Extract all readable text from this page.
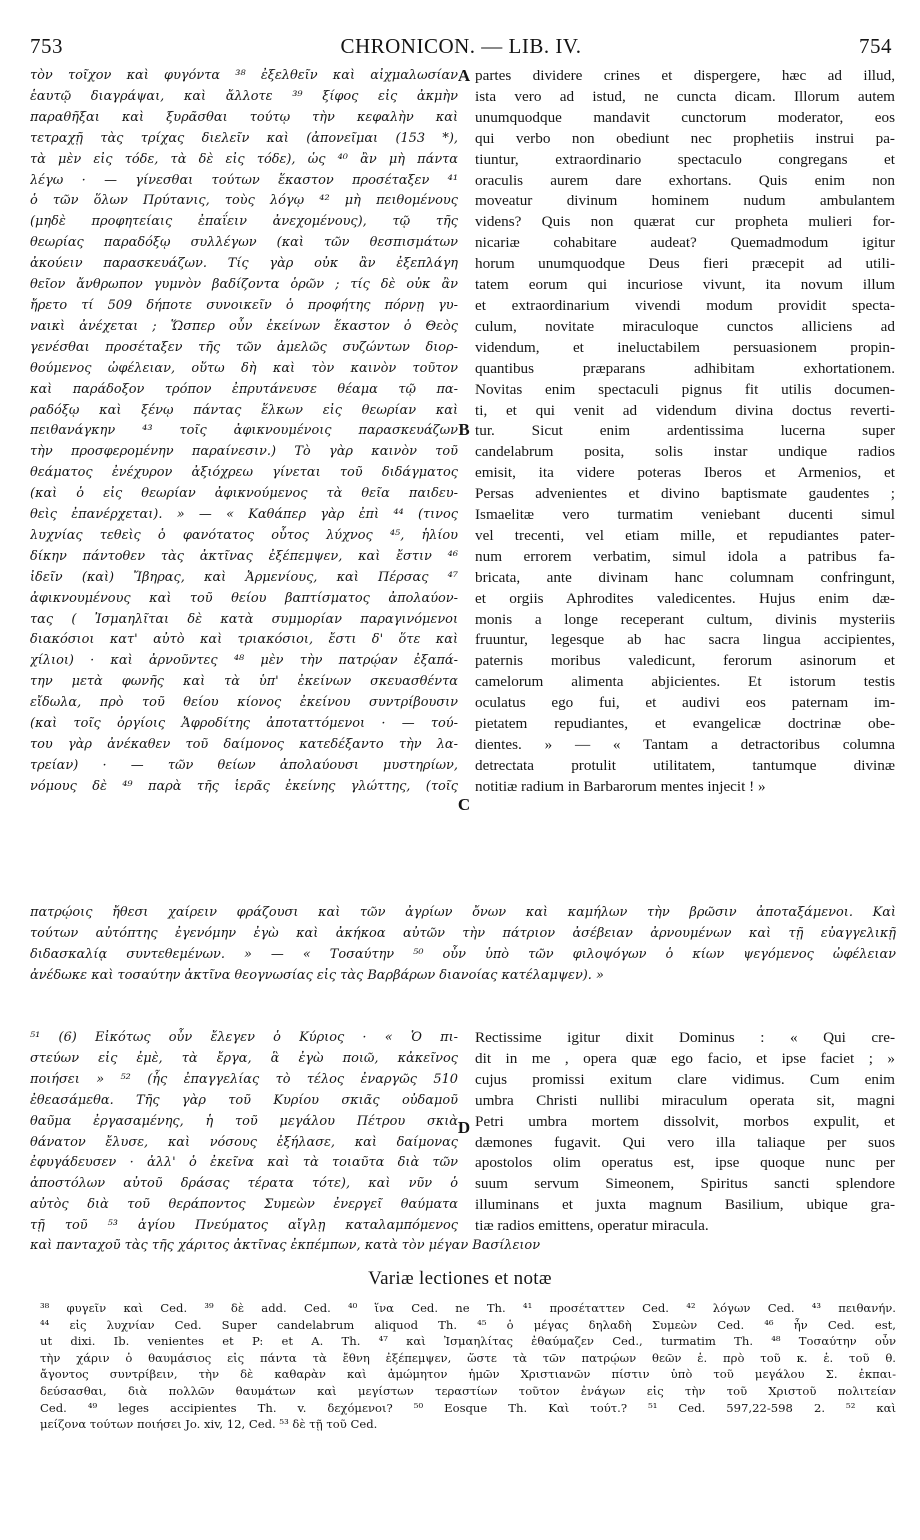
753	CHRONICON. — LIB. IV.	754
τὸν τοῖχον καὶ φυγόντα ³⁸ ἐξελθεῖν καὶ αἰχμαλωσίαν
ἑαυτῷ διαγράψαι, καὶ ἄλλοτε ³⁹ ξίφος εἰς ἀκμὴν
παραθῆξαι καὶ ξυρᾶσθαι τούτῳ τὴν κεφαλὴν καὶ
τετραχῇ τὰς τρίχας διελεῖν καὶ (ἀπονεῖμαι (153 *),
τὰ μὲν εἰς τόδε, τὰ δὲ εἰς τόδε), ὡς ⁴⁰ ἂν μὴ πάντα
λέγω · — γίνεσθαι τούτων ἕκαστον προσέταξεν ⁴¹
ὁ τῶν ὅλων Πρύτανις, τοὺς λόγῳ ⁴² μὴ πειθομένους
(μηδὲ προφητείαις ἐπαΐειν ἀνεχομένους), τῷ τῆς
θεωρίας παραδόξῳ συλλέγων (καὶ τῶν θεσπισμάτων
ἀκούειν παρασκευάζων. Τίς γὰρ οὐκ ἂν ἐξεπλάγη
θεῖον ἄνθρωπον γυμνὸν βαδίζοντα ὁρῶν ; τίς δὲ οὐκ ἂν
ἤρετο τί 509 δήποτε συνοικεῖν ὁ προφήτης πόρνῃ γυ-
ναικὶ ἀνέχεται ; Ὥσπερ οὖν ἐκείνων ἕκαστον ὁ Θεὸς
γενέσθαι προσέταξεν τῆς τῶν ἀμελῶς συζώντων διορ-
θούμενος ὠφέλειαν, οὕτω δὴ καὶ τὸν καινὸν τοῦτον
καὶ παράδοξον τρόπον ἐπρυτάνευσε θέαμα τῷ πα-
ραδόξῳ καὶ ξένῳ πάντας ἕλκων εἰς θεωρίαν καὶ
πειθανάγκην ⁴³ τοῖς ἀφικνουμένοις παρασκευάζων
τὴν προσφερομένην παραίνεσιν.) Τὸ γὰρ καινὸν τοῦ
θεάματος ἐνέχυρον ἀξιόχρεω γίνεται τοῦ διδάγματος
(καὶ ὁ εἰς θεωρίαν ἀφικνούμενος τὰ θεῖα παιδευ-
θεὶς ἐπανέρχεται). » — « Καθάπερ γὰρ ἐπὶ ⁴⁴ (τινος
λυχνίας τεθεὶς ὁ φανότατος οὗτος λύχνος ⁴⁵, ἡλίου
δίκην πάντοθεν τὰς ἀκτῖνας ἐξέπεμψεν, καὶ ἔστιν ⁴⁶
ἰδεῖν (καὶ) Ἴβηρας, καὶ Ἀρμενίους, καὶ Πέρσας ⁴⁷
ἀφικνουμένους καὶ τοῦ θείου βαπτίσματος ἀπολαύον-
τας ( Ἰσμαηλῖται δὲ κατὰ συμμορίαν παραγινόμενοι
διακόσιοι κατ' αὐτὸ καὶ τριακόσιοι, ἔστι δ' ὅτε καὶ
χίλιοι) · καὶ ἀρνοῦντες ⁴⁸ μὲν τὴν πατρῴαν ἐξαπά-
την μετὰ φωνῆς καὶ τὰ ὑπ' ἐκείνων σκευασθέντα
εἴδωλα, πρὸ τοῦ θείου κίονος ἐκείνου συντρίβουσιν
(καὶ τοῖς ὀργίοις Ἀφροδίτης ἀποταττόμενοι · — τού-
του γὰρ ἀνέκαθεν τοῦ δαίμονος κατεδέξαντο τὴν λα-
τρείαν) · — τῶν θείων ἀπολαύουσι μυστηρίων,
νόμους δὲ ⁴⁹ παρὰ τῆς ἱερᾶς ἐκείνης γλώττης, (τοῖς
partes dividere crines et dispergere, hæc ad illud,
ista vero ad istud, ne cuncta dicam. Illorum autem
unumquodque mandavit cunctorum moderator, eos
qui verbo non obediunt nec prophetiis instrui pa-
tiuntur, extraordinario spectaculo congregans et
oraculis aurem dare exhortans. Quis enim non
moveatur divinum hominem nudum ambulantem
videns? Quis non quærat cur propheta mulieri for-
nicariæ cohabitare audeat? Quemadmodum igitur
horum unumquodque Deus fieri præcepit ad utili-
tatem eorum qui incuriose vivunt, ita novum illum
et extraordinarium vivendi modum providit specta-
culum, novitate miraculoque cunctos alliciens ad
videndum, et ineluctabilem persuasionem propin-
quantibus præparans adhibitam exhortationem.
Novitas enim spectaculi pignus fit utilis documen-
ti, et qui venit ad videndum divina doctus reverti-
tur. Sicut enim ardentissima lucerna super
candelabrum posita, solis instar undique radios
emisit, ita videre poteras Iberos et Armenios, et
Persas advenientes et divino baptismate gaudentes ;
Ismaelitæ vero turmatim veniebant ducenti simul
vel trecenti, vel etiam mille, et repudiantes pater-
num errorem verbatim, simul idola a patribus fa-
bricata, ante divinam hanc columnam confringunt,
et orgiis Aphrodites valedicentes. Hujus enim dæ-
monis a longe receperant cultum, divinis mysteriis
fruuntur, legesque ab hac sacra lingua accipientes,
paternis moribus valedicunt, ferorum asinorum et
camelorum alimenta abjicientes. Et istorum testis
oculatus ego fui, et audivi eos paternam im-
pietatem repudiantes, et evangelicæ doctrinæ obe-
dientes. » — « Tantam a detractoribus columna
detrectata protulit utilitatem, tantumque divinæ
notitiæ radium in Barbarorum mentes injecit ! »
A
B
C
D
πατρῴοις ἤθεσι χαίρειν φράζουσι καὶ τῶν ἀγρίων ὄνων καὶ καμήλων τὴν βρῶσιν ἀποταξάμενοι. Καὶ
τούτων αὐτόπτης ἐγενόμην ἐγὼ καὶ ἀκήκοα αὐτῶν τὴν πάτριον ἀσέβειαν ἀρνουμένων καὶ τῇ εὐαγγελικῇ
διδασκαλίᾳ συντεθεμένων. » — « Τοσαύτην ⁵⁰ οὖν ὑπὸ τῶν φιλοψόγων ὁ κίων ψεγόμενος ὠφέλειαν
ἀνέδωκε καὶ τοσαύτην ἀκτῖνα θεογνωσίας εἰς τὰς Βαρβάρων διανοίας κατέλαμψεν). »
⁵¹ (6) Εἰκότως οὖν ἔλεγεν ὁ Κύριος · « Ὁ πι-
στεύων εἰς ἐμὲ, τὰ ἔργα, ἃ ἐγὼ ποιῶ, κἀκεῖνος
ποιήσει » ⁵² (ἧς ἐπαγγελίας τὸ τέλος ἐναργῶς 510
ἐθεασάμεθα. Τῆς γὰρ τοῦ Κυρίου σκιᾶς οὐδαμοῦ
θαῦμα ἐργασαμένης, ἡ τοῦ μεγάλου Πέτρου σκιὰ
θάνατον ἔλυσε, καὶ νόσους ἐξήλασε, καὶ δαίμονας
ἐφυγάδευσεν · ἀλλ' ὁ ἐκεῖνα καὶ τὰ τοιαῦτα διὰ τῶν
ἀποστόλων αὐτοῦ δράσας τέρατα τότε), καὶ νῦν ὁ
αὐτὸς διὰ τοῦ θεράποντος Συμεὼν ἐνεργεῖ θαύματα
τῇ τοῦ ⁵³ ἁγίου Πνεύματος αἴγλῃ καταλαμπόμενος
Rectissime igitur dixit Dominus : « Qui cre-
dit in me , opera quæ ego facio, et ipse faciet ; »
cujus promissi exitum clare vidimus. Cum enim
umbra Christi nullibi miraculum operata sit, magni
Petri umbra mortem dissolvit, morbos expulit, et
dæmones fugavit. Qui vero illa taliaque per suos
apostolos olim operatus est, ipse quoque nunc per
suum servum Simeonem, Spiritus sancti splendore
illuminans et juxta magnum Basilium, ubique gra-
tiæ radios emittens, operatur miracula.
καὶ πανταχοῦ τὰς τῆς χάριτος ἀκτῖνας ἐκπέμπων, κατὰ τὸν μέγαν Βασίλειον
Variæ lectiones et notæ
³⁸ φυγεῖν καὶ Ced. ³⁹ δὲ add. Ced. ⁴⁰ ἵνα Ced. ne Th. ⁴¹ προσέταττεν Ced. ⁴² λόγων Ced. ⁴³ πειθανήν.
⁴⁴ εἰς λυχνίαν Ced. Super candelabrum aliquod Th. ⁴⁵ ὁ μέγας δηλαδὴ Συμεὼν Ced. ⁴⁶ ἦν Ced. est,
ut dixi. Ib. venientes et P: et A. Th. ⁴⁷ καὶ Ἰσμαηλίτας ἐθαύμαζεν Ced., turmatim Th. ⁴⁸ Τοσαύτην οὖν
τὴν χάριν ὁ θαυμάσιος εἰς πάντα τὰ ἔθνη ἐξέπεμψεν, ὥστε τὰ τῶν πατρῴων θεῶν ἑ. πρὸ τοῦ κ. ἑ. τοῦ θ.
ἄγοντος συντρίβειν, τὴν δὲ καθαρὰν καὶ ἀμώμητον ἡμῶν Χριστιανῶν πίστιν ὑπὸ τοῦ μεγάλου Σ. ἐκπαι-
δεύσασθαι, διὰ πολλῶν θαυμάτων καὶ μεγίστων τεραστίων τοῦτον ἐνάγων εἰς τὴν τοῦ Χριστοῦ πολιτείαν
Ced. ⁴⁹ leges accipientes Th. v. δεχόμενοι? ⁵⁰ Eosque Th. Καὶ τούτ.? ⁵¹ Ced. 597,22-598 2. ⁵² καὶ
μείζονα τούτων ποιήσει Jo. xiv, 12, Ced. ⁵³ δὲ τῇ τοῦ Ced.
